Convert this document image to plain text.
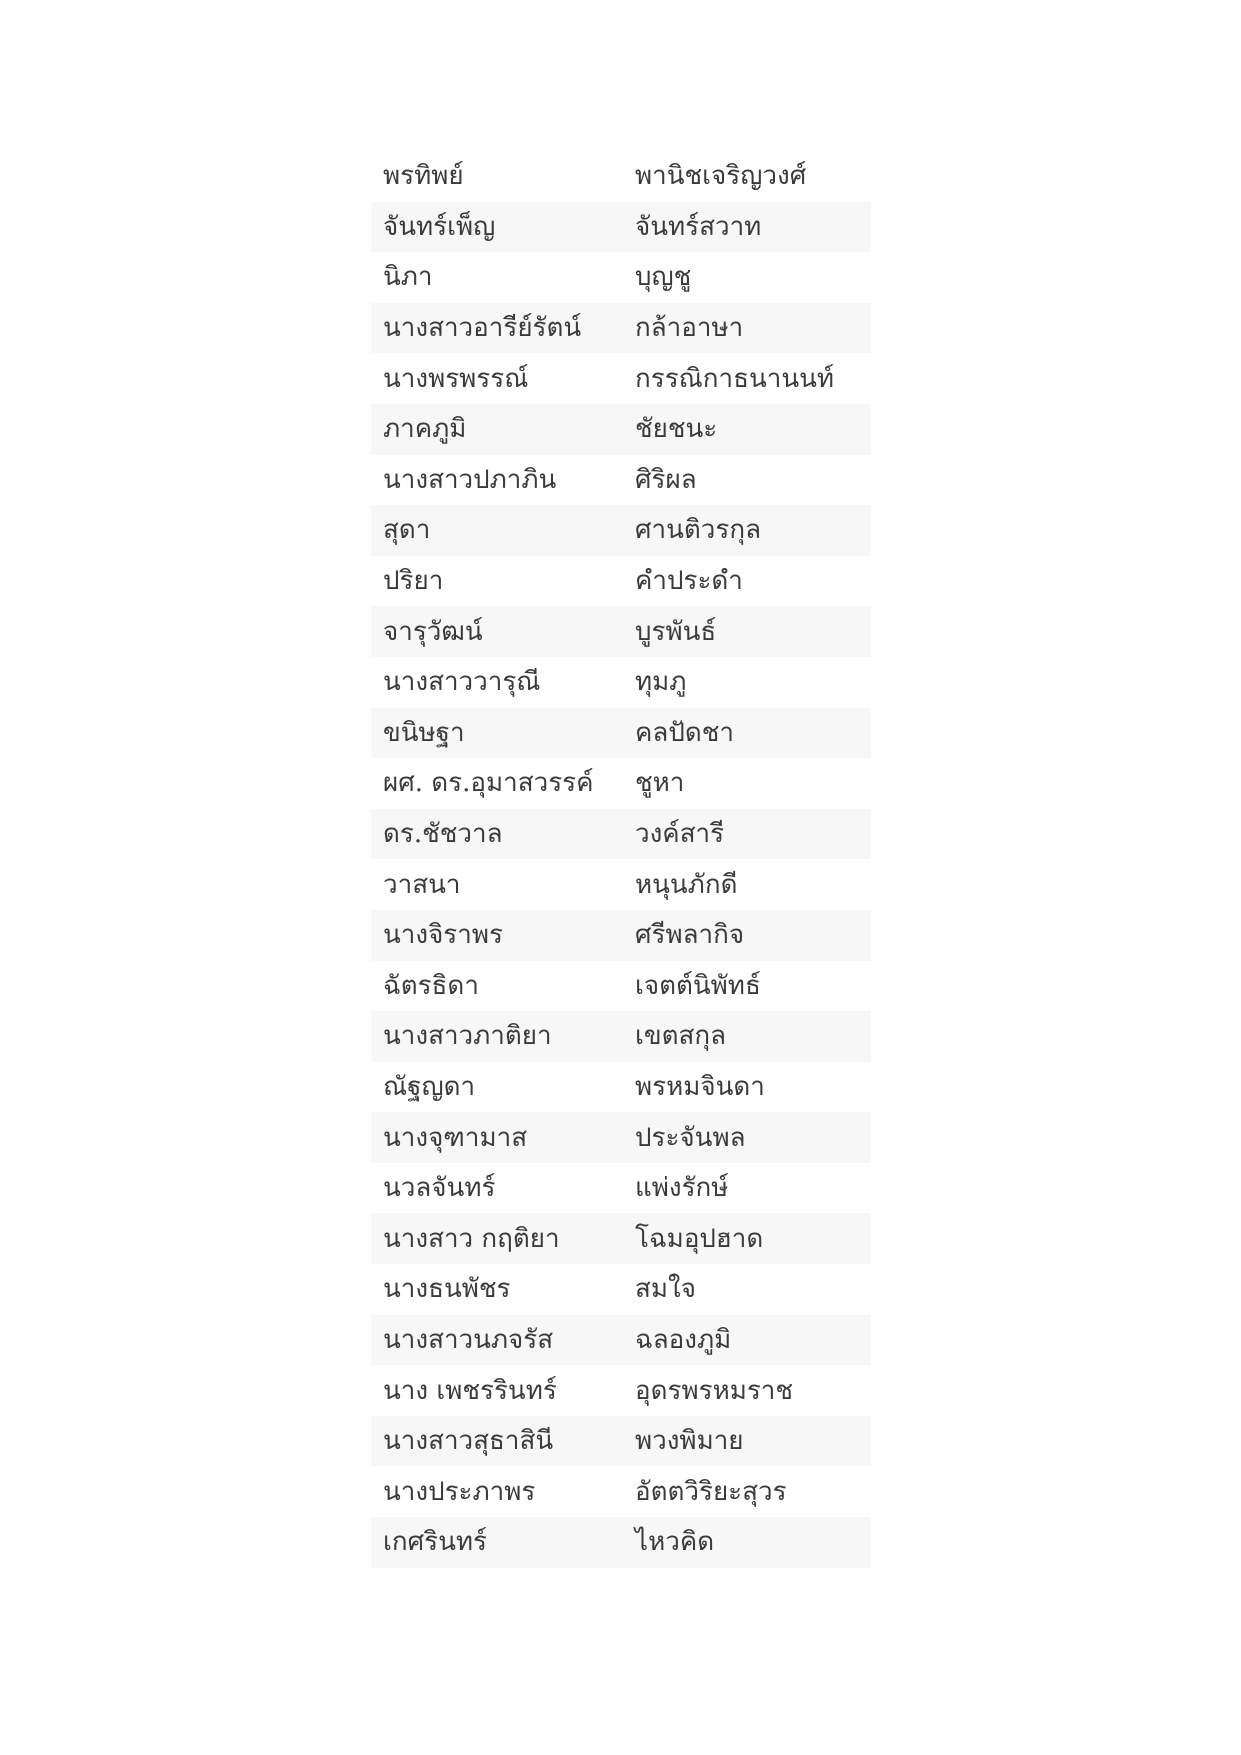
พรทิพย์	พานิชเจริญวงศ์
จันทร์เพ็ญ	จันทร์สวาท
นิภา	บุญชู
นางสาวอารีย์รัตน์	กล้าอาษา
นางพรพรรณ์	กรรณิกาธนานนท์
ภาคภูมิ	ชัยชนะ
นางสาวปภาภิน	ศิริผล
สุดา	ศานติวรกุล
ปริยา	คำประดำ
จารุวัฒน์	บูรพันธ์
นางสาววารุณี	ทุมภู
ขนิษฐา	คลปัดชา
ผศ. ดร.อุมาสวรรค์	ชูหา
ดร.ชัชวาล	วงค์สารี
วาสนา	หนุนภักดี
นางจิราพร	ศรีพลากิจ
ฉัตรธิดา	เจตต์นิพัทธ์
นางสาวภาติยา	เขตสกุล
ณัฐญดา	พรหมจินดา
นางจุฑามาส	ประจันพล
นวลจันทร์	แพ่งรักษ์
นางสาว กฤติยา	โฉมอุปฮาด
นางธนพัชร	สมใจ
นางสาวนภจรัส	ฉลองภูมิ
นาง เพชรรินทร์	อุดรพรหมราช
นางสาวสุธาสินี	พวงพิมาย
นางประภาพร	อัตตวิริยะสุวร
เกศรินทร์	ไหวคิด
